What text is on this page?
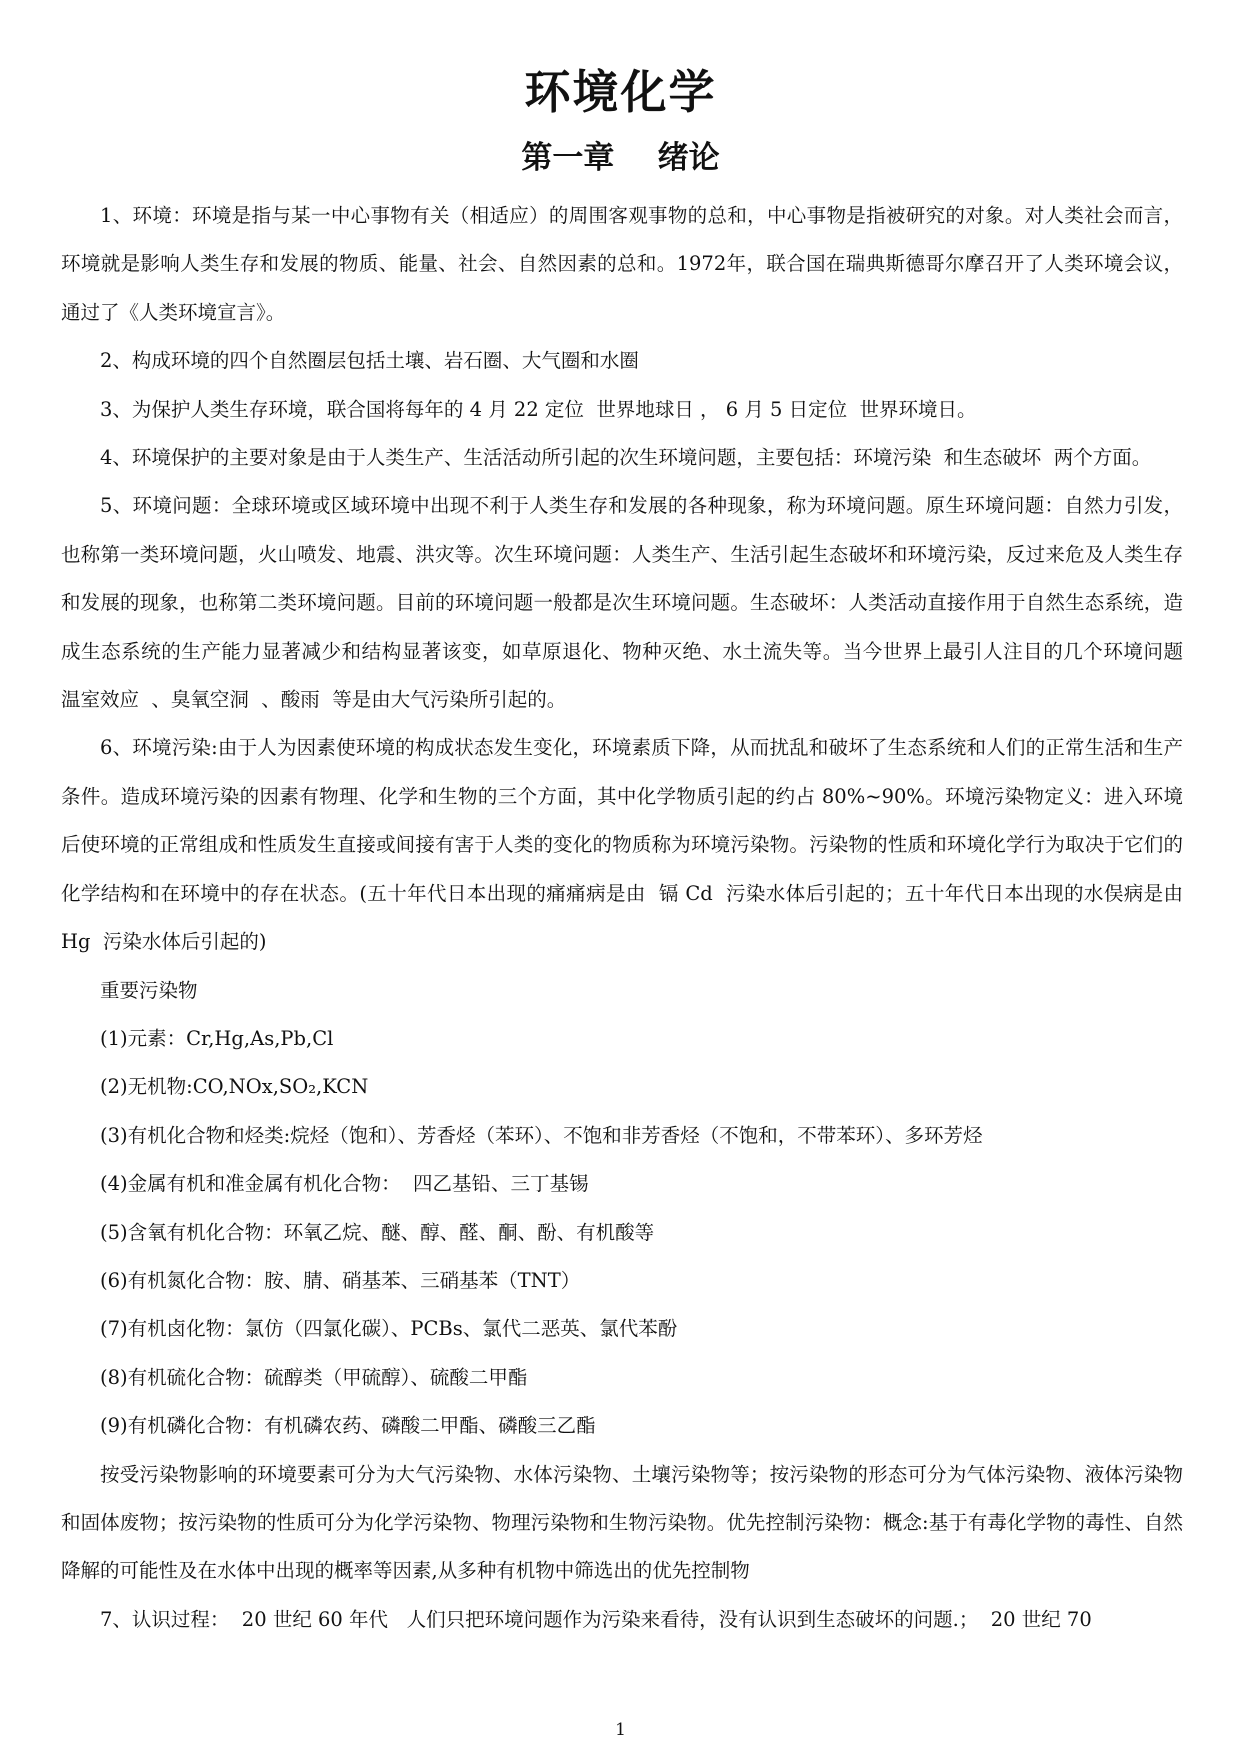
环境化学
第一章    绪论

1、环境：环境是指与某一中心事物有关（相适应）的周围客观事物的总和，中心事物是指被研究的对象。对人类社会而言，环境就是影响人类生存和发展的物质、能量、社会、自然因素的总和。1972年，联合国在瑞典斯德哥尔摩召开了人类环境会议，通过了《人类环境宣言》。

2、构成环境的四个自然圈层包括土壤、岩石圈、大气圈和水圈

3、为保护人类生存环境，联合国将每年的 4 月 22 定位  世界地球日 ， 6 月 5 日定位  世界环境日。

4、环境保护的主要对象是由于人类生产、生活活动所引起的次生环境问题，主要包括：环境污染  和生态破坏  两个方面。

5、环境问题：全球环境或区域环境中出现不利于人类生存和发展的各种现象，称为环境问题。原生环境问题：自然力引发，也称第一类环境问题，火山喷发、地震、洪灾等。次生环境问题：人类生产、生活引起生态破坏和环境污染，反过来危及人类生存和发展的现象，也称第二类环境问题。目前的环境问题一般都是次生环境问题。生态破坏：人类活动直接作用于自然生态系统，造成生态系统的生产能力显著减少和结构显著该变，如草原退化、物种灭绝、水土流失等。当今世界上最引人注目的几个环境问题  温室效应  、臭氧空洞  、酸雨  等是由大气污染所引起的。

6、环境污染:由于人为因素使环境的构成状态发生变化，环境素质下降，从而扰乱和破坏了生态系统和人们的正常生活和生产条件。造成环境污染的因素有物理、化学和生物的三个方面，其中化学物质引起的约占 80%~90%。环境污染物定义：进入环境后使环境的正常组成和性质发生直接或间接有害于人类的变化的物质称为环境污染物。污染物的性质和环境化学行为取决于它们的化学结构和在环境中的存在状态。(五十年代日本出现的痛痛病是由  镉 Cd  污染水体后引起的；五十年代日本出现的水俣病是由  Hg  污染水体后引起的)

重要污染物

(1)元素：Cr,Hg,As,Pb,Cl

(2)无机物:CO,NOx,SO₂,KCN

(3)有机化合物和烃类:烷烃（饱和）、芳香烃（苯环）、不饱和非芳香烃（不饱和，不带苯环）、多环芳烃

(4)金属有机和准金属有机化合物：  四乙基铅、三丁基锡

(5)含氧有机化合物：环氧乙烷、醚、醇、醛、酮、酚、有机酸等

(6)有机氮化合物：胺、腈、硝基苯、三硝基苯（TNT）

(7)有机卤化物：氯仿（四氯化碳）、PCBs、氯代二恶英、氯代苯酚

(8)有机硫化合物：硫醇类（甲硫醇）、硫酸二甲酯

(9)有机磷化合物：有机磷农药、磷酸二甲酯、磷酸三乙酯

按受污染物影响的环境要素可分为大气污染物、水体污染物、土壤污染物等；按污染物的形态可分为气体污染物、液体污染物和固体废物；按污染物的性质可分为化学污染物、物理污染物和生物污染物。优先控制污染物：概念:基于有毒化学物的毒性、自然降解的可能性及在水体中出现的概率等因素,从多种有机物中筛选出的优先控制物

7、认识过程：  20 世纪 60 年代   人们只把环境问题作为污染来看待，没有认识到生态破坏的问题.；  20 世纪 70

1
